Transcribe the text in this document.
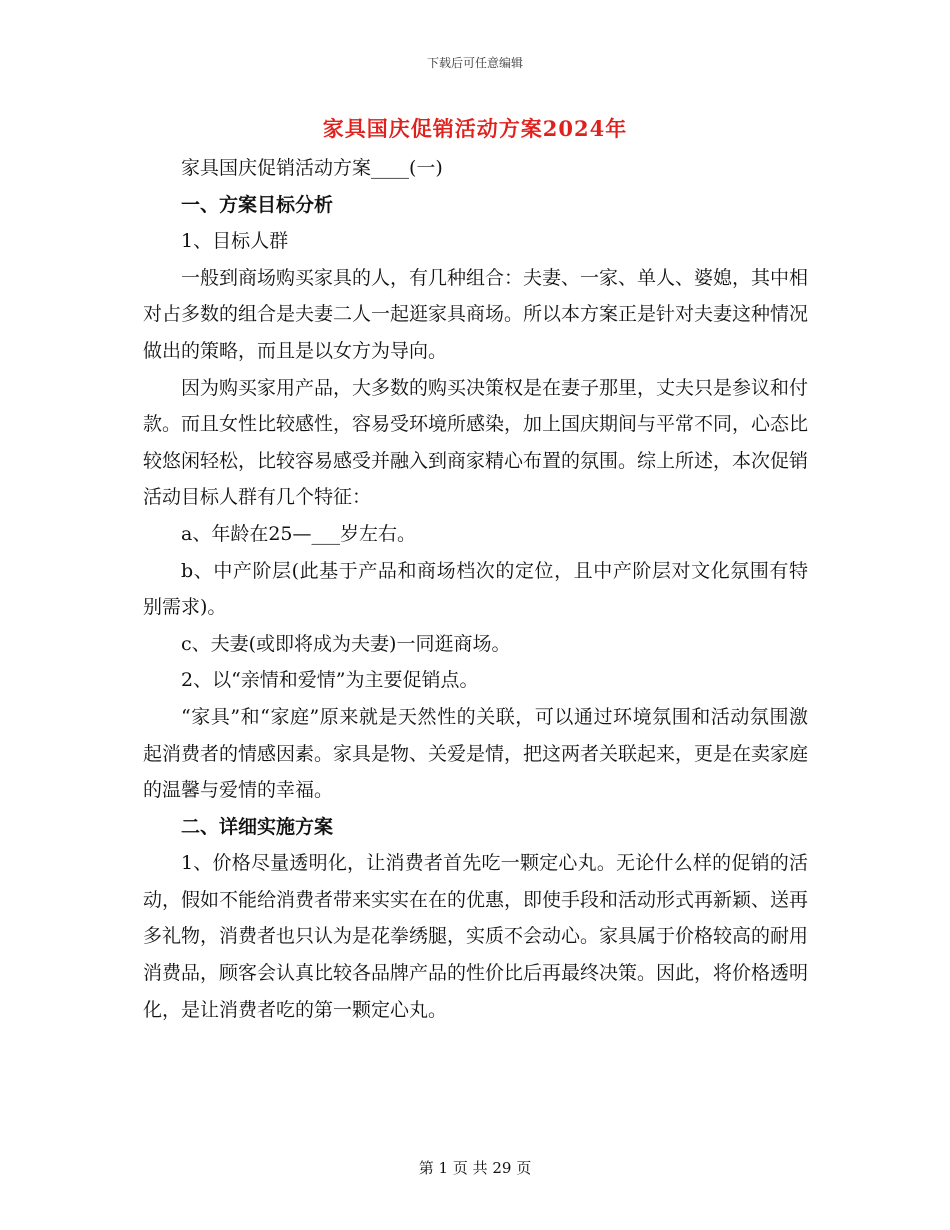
下载后可任意编辑
家具国庆促销活动方案2024年

家具国庆促销活动方案____(一)

一、方案目标分析

1、目标人群

一般到商场购买家具的人，有几种组合：夫妻、一家、单人、婆媳，其中相对占多数的组合是夫妻二人一起逛家具商场。所以本方案正是针对夫妻这种情况做出的策略，而且是以女方为导向。

因为购买家用产品，大多数的购买决策权是在妻子那里，丈夫只是参议和付款。而且女性比较感性，容易受环境所感染，加上国庆期间与平常不同，心态比较悠闲轻松，比较容易感受并融入到商家精心布置的氛围。综上所述，本次促销活动目标人群有几个特征：

a、年龄在25—___岁左右。

b、中产阶层(此基于产品和商场档次的定位，且中产阶层对文化氛围有特别需求)。

c、夫妻(或即将成为夫妻)一同逛商场。

2、以“亲情和爱情”为主要促销点。

“家具”和“家庭”原来就是天然性的关联，可以通过环境氛围和活动氛围激起消费者的情感因素。家具是物、关爱是情，把这两者关联起来，更是在卖家庭的温馨与爱情的幸福。

二、详细实施方案

1、价格尽量透明化，让消费者首先吃一颗定心丸。无论什么样的促销的活动，假如不能给消费者带来实实在在的优惠，即使手段和活动形式再新颖、送再多礼物，消费者也只认为是花拳绣腿，实质不会动心。家具属于价格较高的耐用消费品，顾客会认真比较各品牌产品的性价比后再最终决策。因此，将价格透明化，是让消费者吃的第一颗定心丸。

第 1 页 共 29 页
